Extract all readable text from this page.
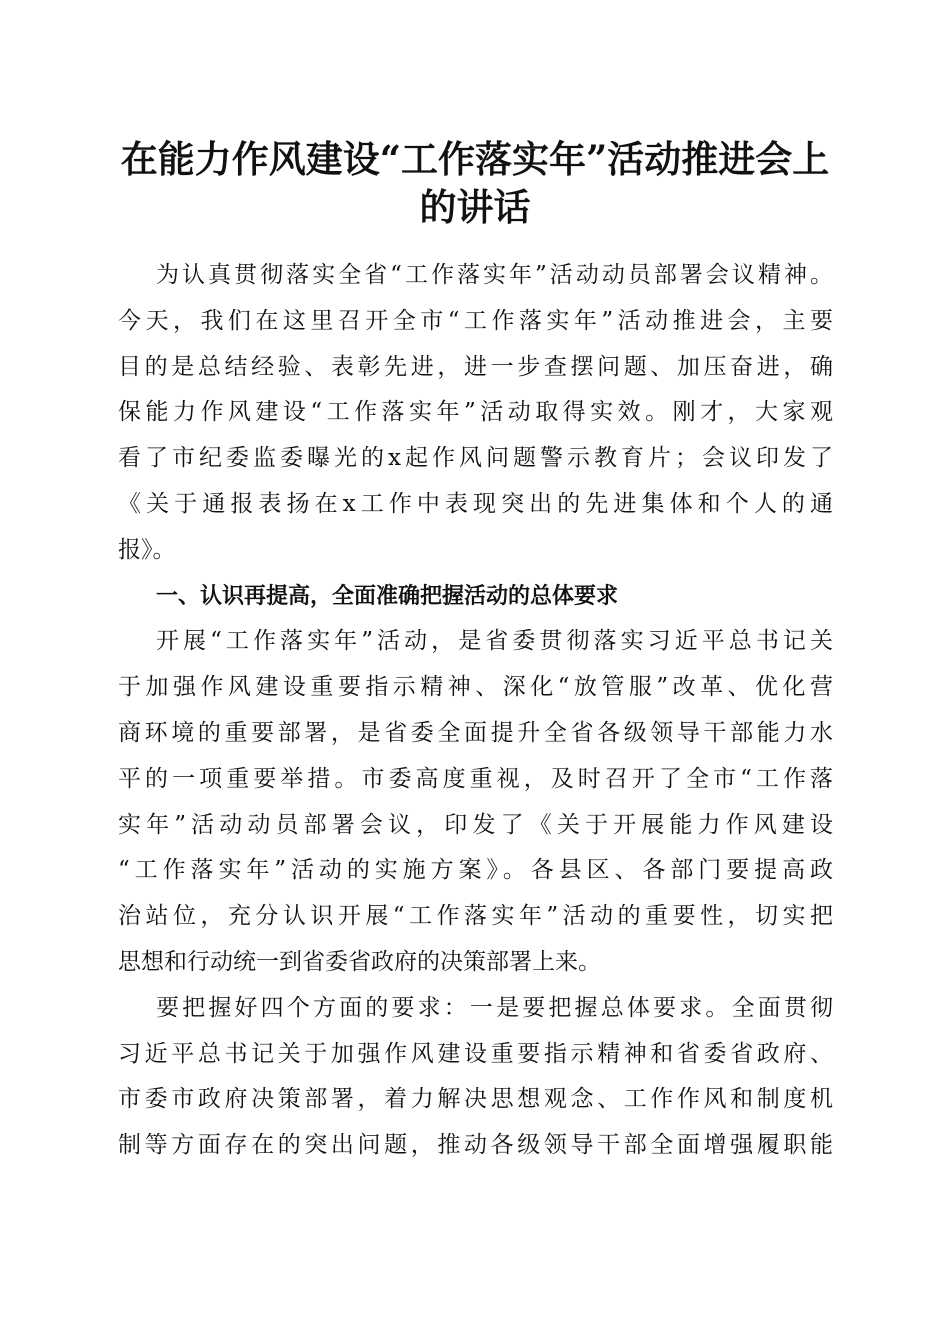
在能力作风建设“工作落实年”活动推进会上
的讲话
为认真贯彻落实全省“工作落实年”活动动员部署会议精神。
今天，我们在这里召开全市“工作落实年”活动推进会，主要
目的是总结经验、表彰先进，进一步查摆问题、加压奋进，确
保能力作风建设“工作落实年”活动取得实效。刚才，大家观
看了市纪委监委曝光的x起作风问题警示教育片；会议印发了
《关于通报表扬在x工作中表现突出的先进集体和个人的通
报》。
一、认识再提高，全面准确把握活动的总体要求
开展“工作落实年”活动，是省委贯彻落实习近平总书记关
于加强作风建设重要指示精神、深化“放管服”改革、优化营
商环境的重要部署，是省委全面提升全省各级领导干部能力水
平的一项重要举措。市委高度重视，及时召开了全市“工作落
实年”活动动员部署会议，印发了《关于开展能力作风建设
“工作落实年”活动的实施方案》。各县区、各部门要提高政
治站位，充分认识开展“工作落实年”活动的重要性，切实把
思想和行动统一到省委省政府的决策部署上来。
要把握好四个方面的要求：一是要把握总体要求。全面贯彻
习近平总书记关于加强作风建设重要指示精神和省委省政府、
市委市政府决策部署，着力解决思想观念、工作作风和制度机
制等方面存在的突出问题，推动各级领导干部全面增强履职能
